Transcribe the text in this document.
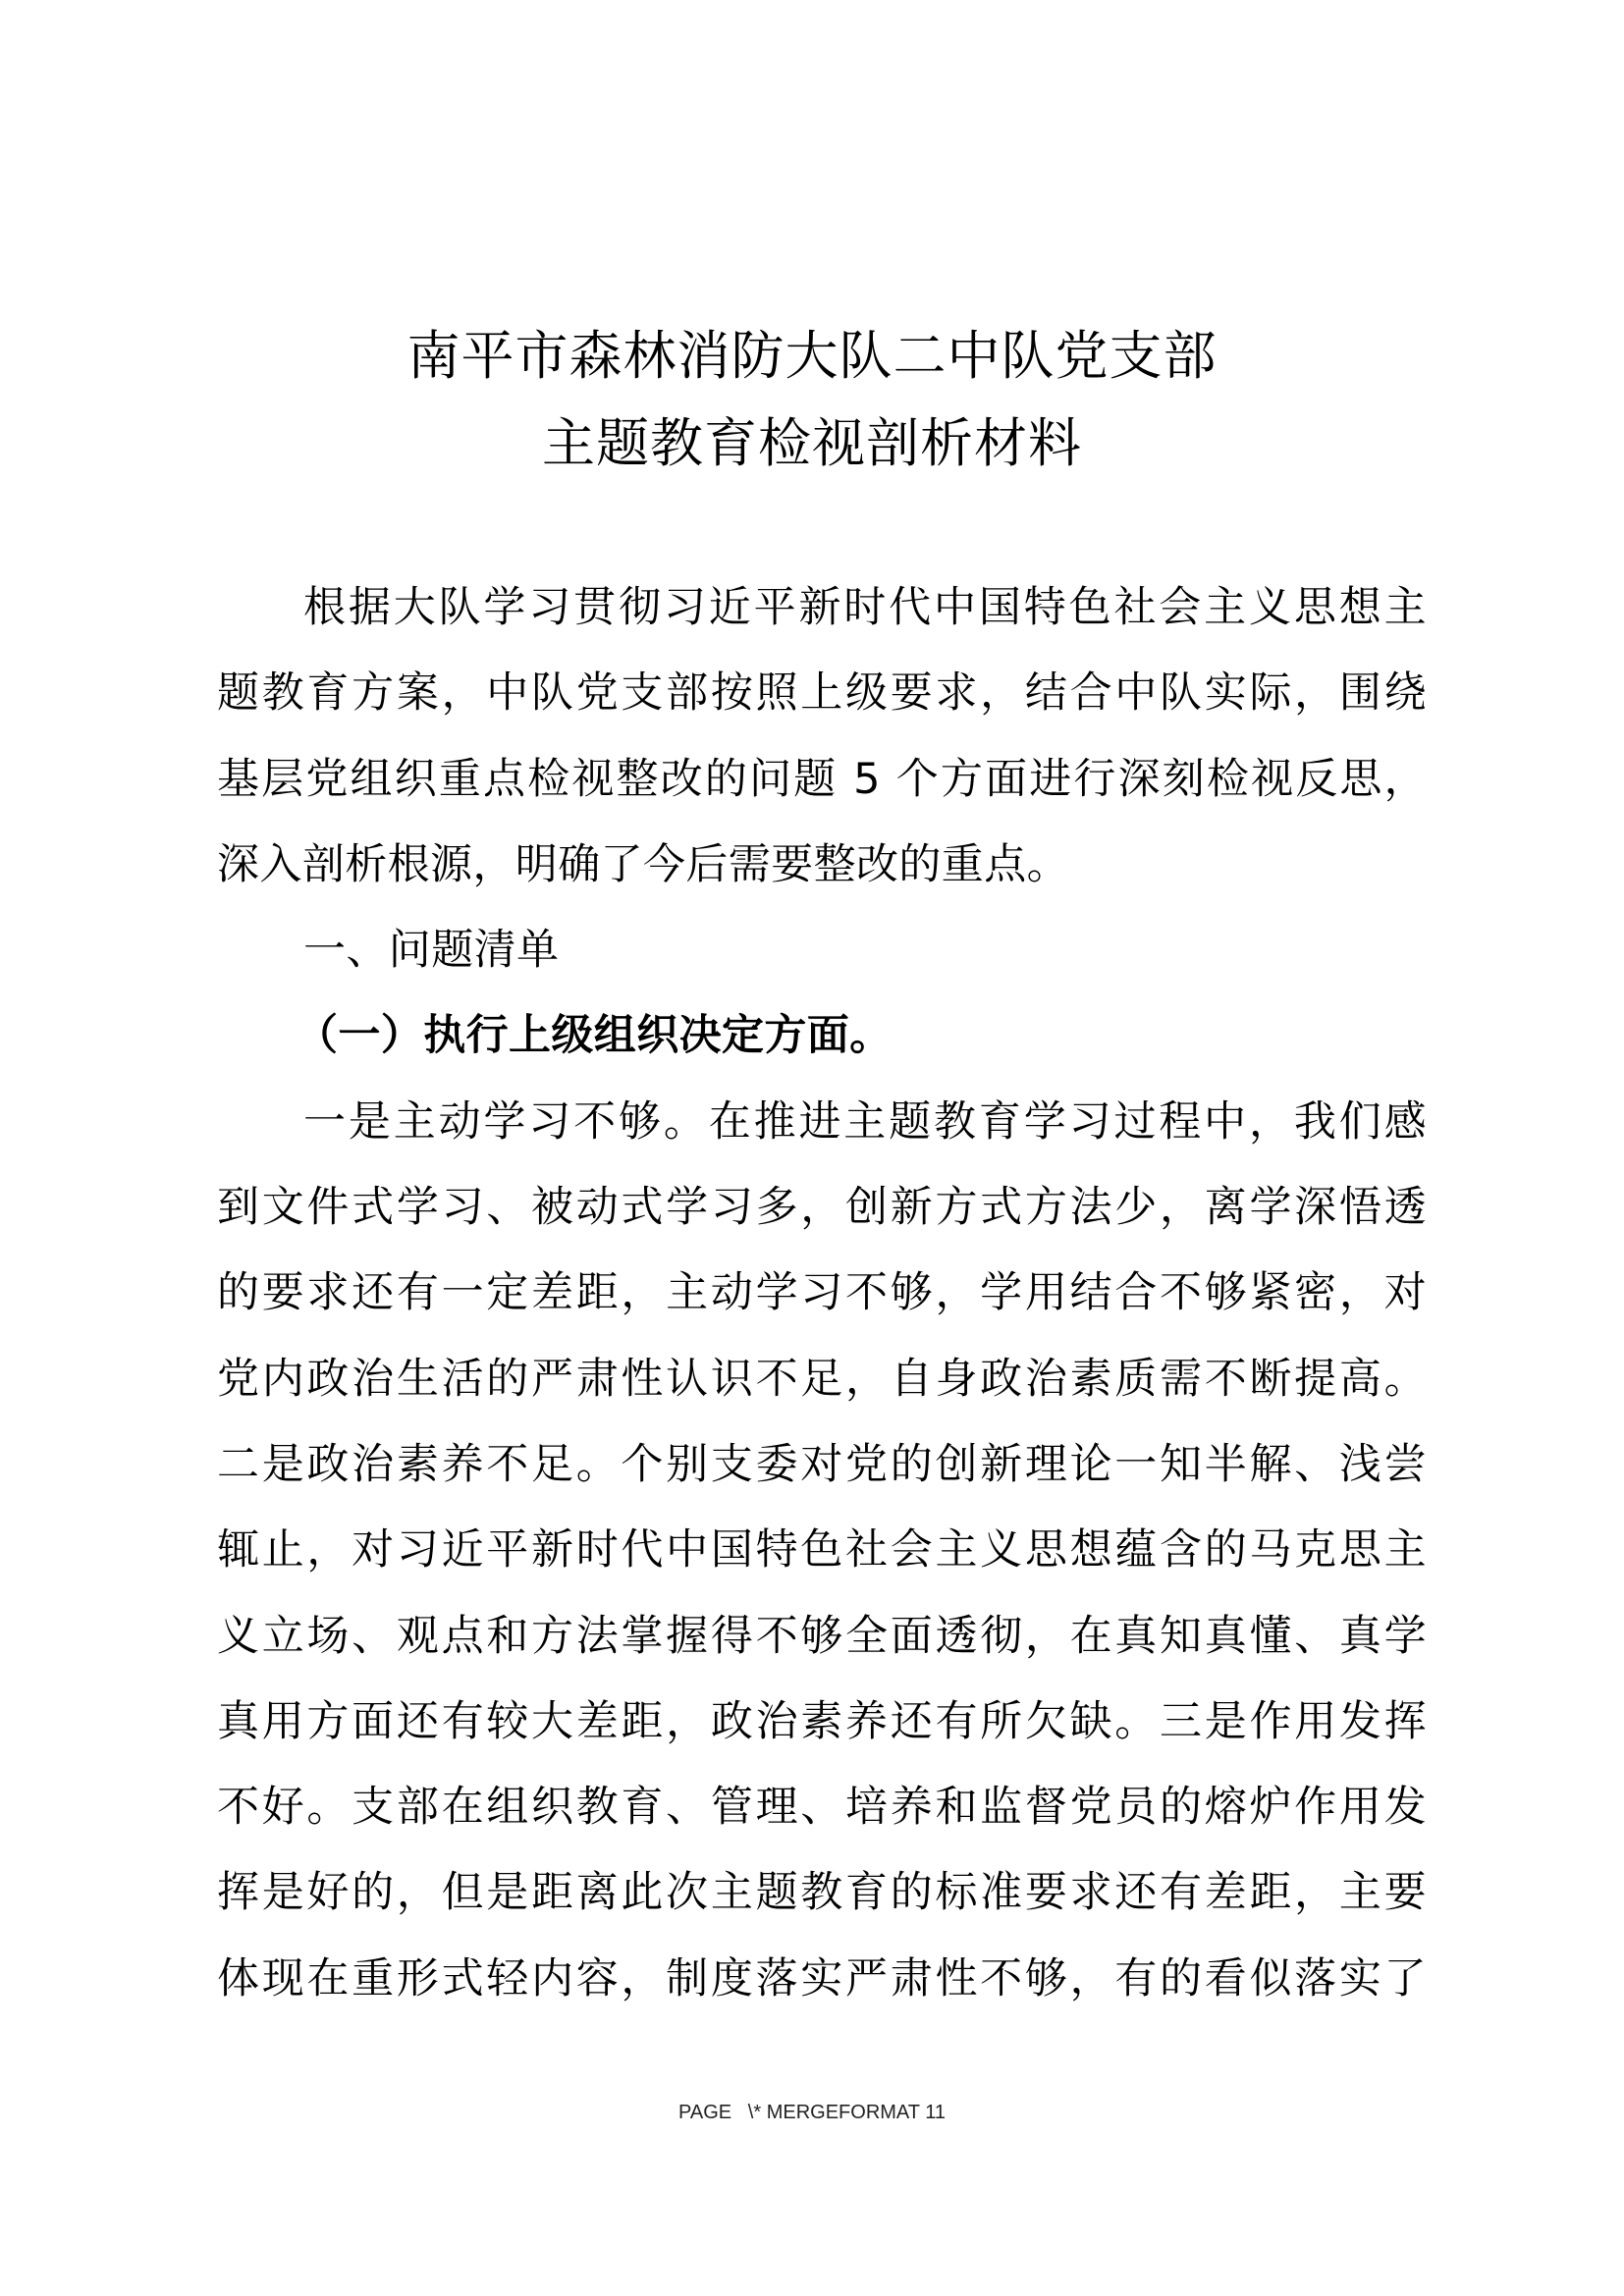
南平市森林消防大队二中队党支部
主题教育检视剖析材料
根据大队学习贯彻习近平新时代中国特色社会主义思想主
题教育方案，中队党支部按照上级要求，结合中队实际，围绕
基层党组织重点检视整改的问题 5 个方面进行深刻检视反思，
深入剖析根源，明确了今后需要整改的重点。
一、问题清单
（一）执行上级组织决定方面。
一是主动学习不够。在推进主题教育学习过程中，我们感
到文件式学习、被动式学习多，创新方式方法少，离学深悟透
的要求还有一定差距，主动学习不够，学用结合不够紧密，对
党内政治生活的严肃性认识不足，自身政治素质需不断提高。
二是政治素养不足。个别支委对党的创新理论一知半解、浅尝
辄止，对习近平新时代中国特色社会主义思想蕴含的马克思主
义立场、观点和方法掌握得不够全面透彻，在真知真懂、真学
真用方面还有较大差距，政治素养还有所欠缺。三是作用发挥
不好。支部在组织教育、管理、培养和监督党员的熔炉作用发
挥是好的，但是距离此次主题教育的标准要求还有差距，主要
体现在重形式轻内容，制度落实严肃性不够，有的看似落实了
PAGE   \* MERGEFORMAT 11
